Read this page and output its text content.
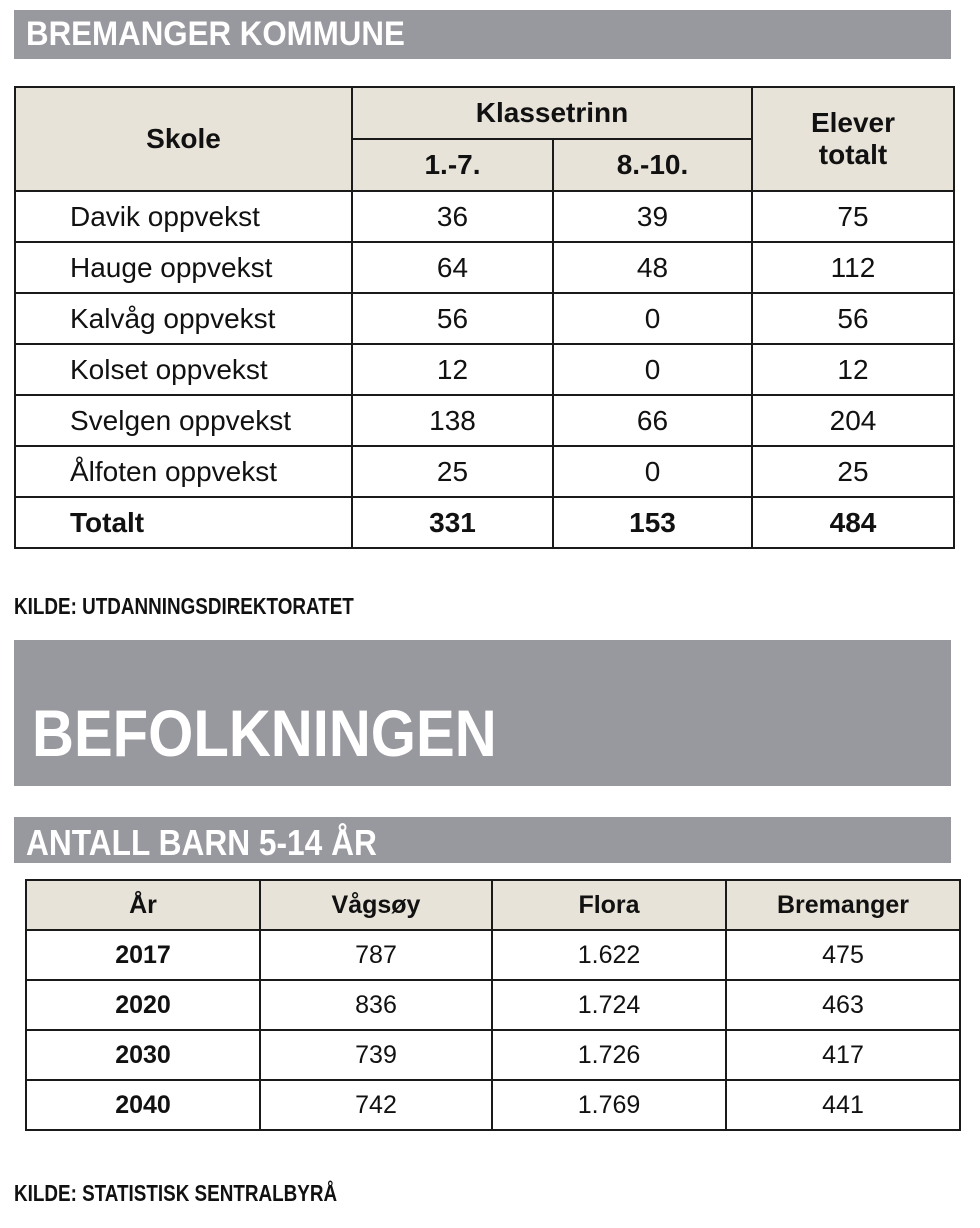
BREMANGER KOMMUNE
Skole	Klassetrinn		Elever
totalt

	1.-7.	8.-10.	
Davik oppvekst	36	39	75
Hauge oppvekst	64	48	112
Kalvåg oppvekst	56	0	56
Kolset oppvekst	12	0	12
Svelgen oppvekst	138	66	204
Ålfoten oppvekst	25	0	25
Totalt	331	153	484
KILDE: UTDANNINGSDIREKTORATET
BEFOLKNINGEN
ANTALL BARN 5-14 ÅR
År	Vågsøy	Flora	Bremanger
2017	787	1.622	475
2020	836	1.724	463
2030	739	1.726	417
2040	742	1.769	441
KILDE: STATISTISK SENTRALBYRÅ
